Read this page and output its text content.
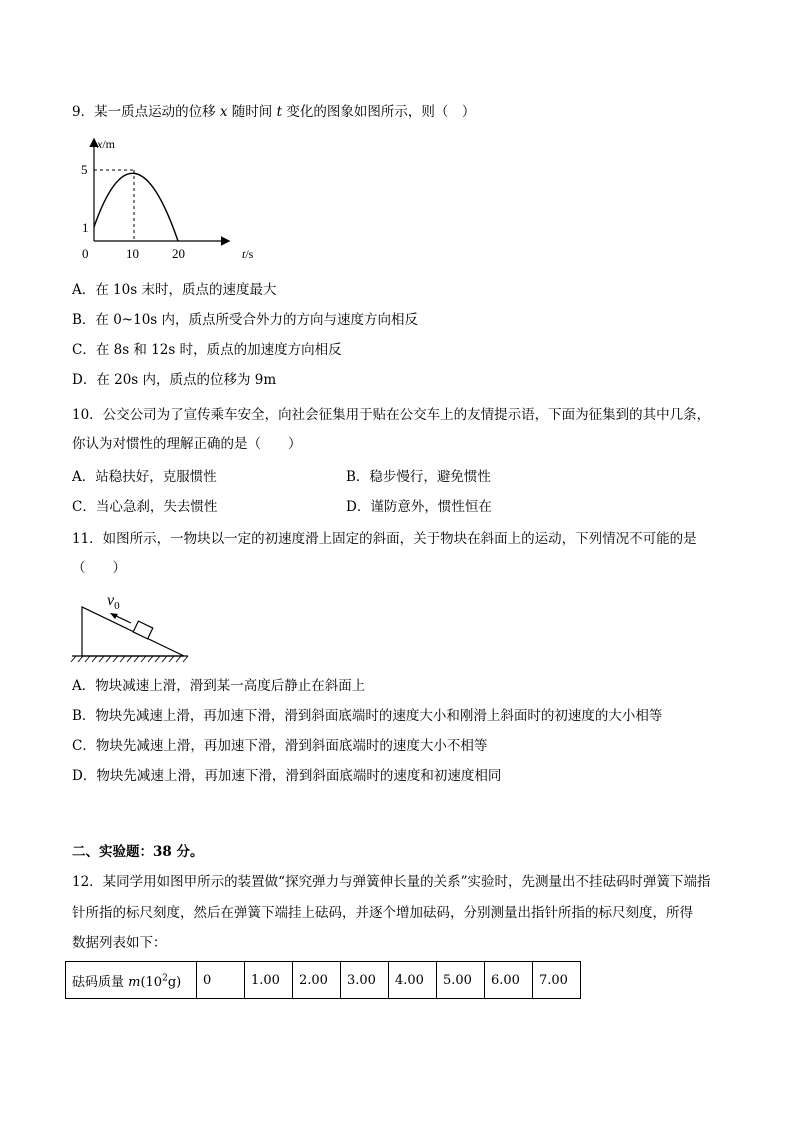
9．某一质点运动的位移 x 随时间 t 变化的图象如图所示，则（　）
x/m
5
1
0	10	20	t/s
A．在 10s 末时，质点的速度最大
B．在 0~10s 内，质点所受合外力的方向与速度方向相反
C．在 8s 和 12s 时，质点的加速度方向相反
D．在 20s 内，质点的位移为 9m
10．公交公司为了宣传乘车安全，向社会征集用于贴在公交车上的友情提示语，下面为征集到的其中几条，
你认为对惯性的理解正确的是（　　）
A．站稳扶好，克服惯性	B．稳步慢行，避免惯性
C．当心急刹，失去惯性	D．谨防意外，惯性恒在
11．如图所示，一物块以一定的初速度滑上固定的斜面，关于物块在斜面上的运动，下列情况不可能的是
（　　）
$v_0$
A．物块减速上滑，滑到某一高度后静止在斜面上
B．物块先减速上滑，再加速下滑，滑到斜面底端时的速度大小和刚滑上斜面时的初速度的大小相等
C．物块先减速上滑，再加速下滑，滑到斜面底端时的速度大小不相等
D．物块先减速上滑，再加速下滑，滑到斜面底端时的速度和初速度相同
二、实验题：38 分。
12．某同学用如图甲所示的装置做“探究弹力与弹簧伸长量的关系”实验时，先测量出不挂砝码时弹簧下端指
针所指的标尺刻度，然后在弹簧下端挂上砝码，并逐个增加砝码，分别测量出指针所指的标尺刻度，所得
数据列表如下：
砝码质量 $m(10^2g)$	0	1.00	2.00	3.00	4.00	5.00	6.00	7.00
